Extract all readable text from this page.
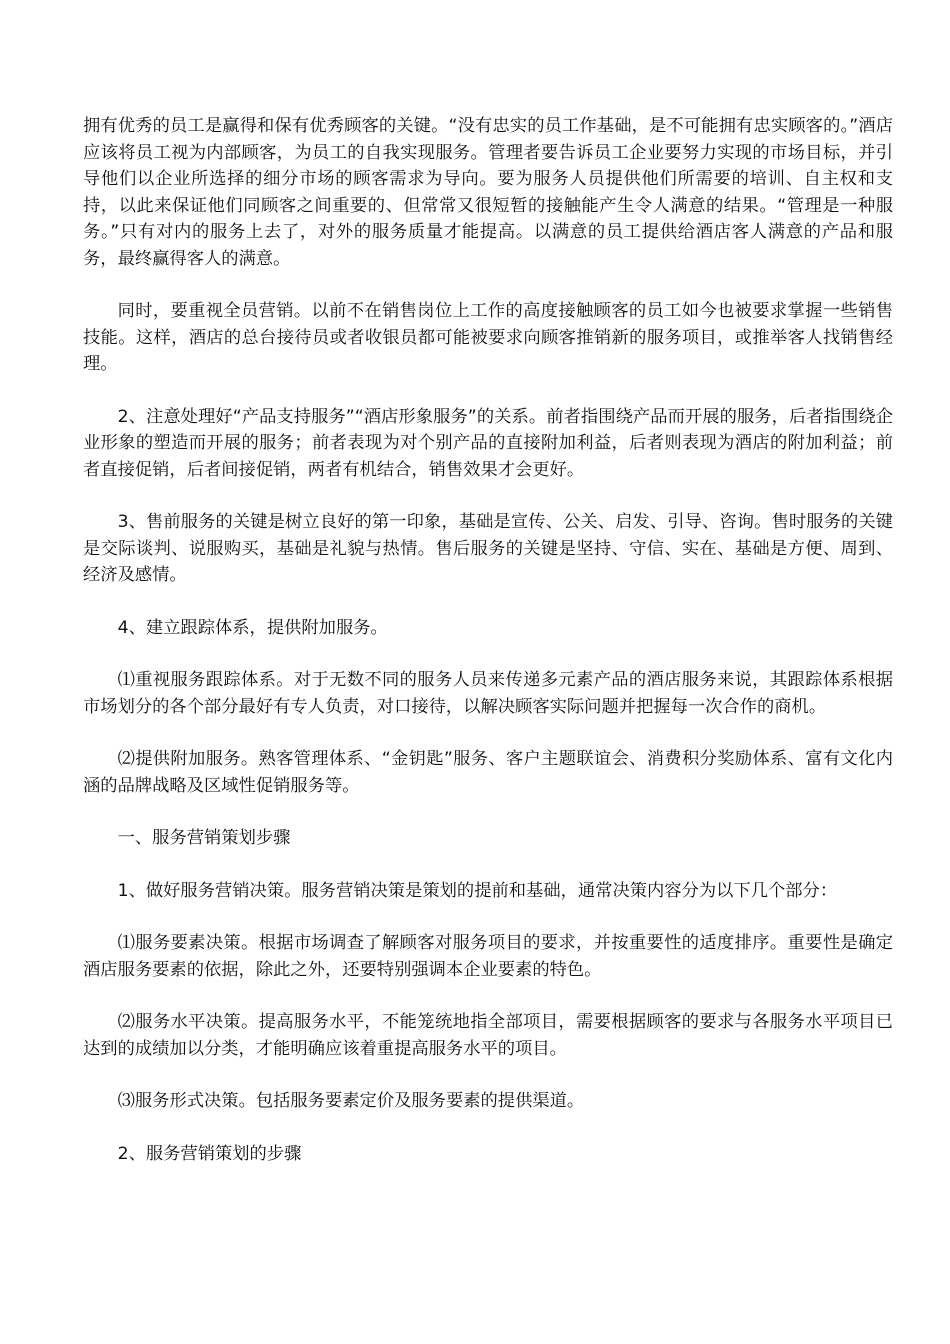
拥有优秀的员工是赢得和保有优秀顾客的关键。“没有忠实的员工作基础，是不可能拥有忠实顾客的。”酒店应该将员工视为内部顾客，为员工的自我实现服务。管理者要告诉员工企业要努力实现的市场目标，并引导他们以企业所选择的细分市场的顾客需求为导向。要为服务人员提供他们所需要的培训、自主权和支持，以此来保证他们同顾客之间重要的、但常常又很短暂的接触能产生令人满意的结果。“管理是一种服务。”只有对内的服务上去了，对外的服务质量才能提高。以满意的员工提供给酒店客人满意的产品和服务，最终赢得客人的满意。

同时，要重视全员营销。以前不在销售岗位上工作的高度接触顾客的员工如今也被要求掌握一些销售技能。这样，酒店的总台接待员或者收银员都可能被要求向顾客推销新的服务项目，或推举客人找销售经理。

2、注意处理好“产品支持服务”“酒店形象服务”的关系。前者指围绕产品而开展的服务，后者指围绕企业形象的塑造而开展的服务；前者表现为对个别产品的直接附加利益，后者则表现为酒店的附加利益；前者直接促销，后者间接促销，两者有机结合，销售效果才会更好。

3、售前服务的关键是树立良好的第一印象，基础是宣传、公关、启发、引导、咨询。售时服务的关键是交际谈判、说服购买，基础是礼貌与热情。售后服务的关键是坚持、守信、实在、基础是方便、周到、经济及感情。

4、建立跟踪体系，提供附加服务。

⑴重视服务跟踪体系。对于无数不同的服务人员来传递多元素产品的酒店服务来说，其跟踪体系根据市场划分的各个部分最好有专人负责，对口接待，以解决顾客实际问题并把握每一次合作的商机。

⑵提供附加服务。熟客管理体系、“金钥匙”服务、客户主题联谊会、消费积分奖励体系、富有文化内涵的品牌战略及区域性促销服务等。

一、服务营销策划步骤

1、做好服务营销决策。服务营销决策是策划的提前和基础，通常决策内容分为以下几个部分：

⑴服务要素决策。根据市场调查了解顾客对服务项目的要求，并按重要性的适度排序。重要性是确定酒店服务要素的依据，除此之外，还要特别强调本企业要素的特色。

⑵服务水平决策。提高服务水平，不能笼统地指全部项目，需要根据顾客的要求与各服务水平项目已达到的成绩加以分类，才能明确应该着重提高服务水平的项目。

⑶服务形式决策。包括服务要素定价及服务要素的提供渠道。

2、服务营销策划的步骤
